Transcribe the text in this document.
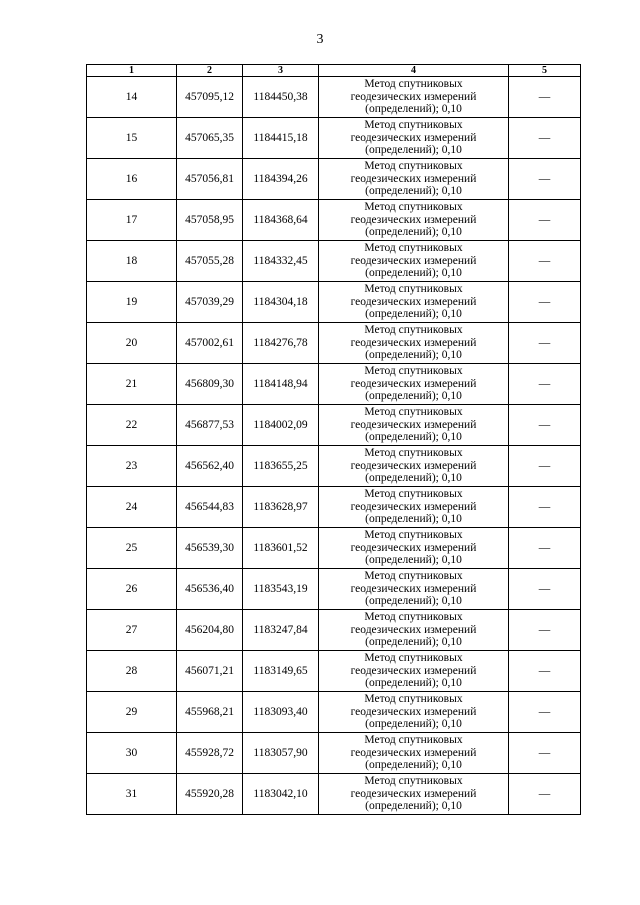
3
1	2	3	4	5
14	457095,12	1184450,38	Метод спутниковых
геодезических измерений
(определений); 0,10	—
15	457065,35	1184415,18	Метод спутниковых
геодезических измерений
(определений); 0,10	—
16	457056,81	1184394,26	Метод спутниковых
геодезических измерений
(определений); 0,10	—
17	457058,95	1184368,64	Метод спутниковых
геодезических измерений
(определений); 0,10	—
18	457055,28	1184332,45	Метод спутниковых
геодезических измерений
(определений); 0,10	—
19	457039,29	1184304,18	Метод спутниковых
геодезических измерений
(определений); 0,10	—
20	457002,61	1184276,78	Метод спутниковых
геодезических измерений
(определений); 0,10	—
21	456809,30	1184148,94	Метод спутниковых
геодезических измерений
(определений); 0,10	—
22	456877,53	1184002,09	Метод спутниковых
геодезических измерений
(определений); 0,10	—
23	456562,40	1183655,25	Метод спутниковых
геодезических измерений
(определений); 0,10	—
24	456544,83	1183628,97	Метод спутниковых
геодезических измерений
(определений); 0,10	—
25	456539,30	1183601,52	Метод спутниковых
геодезических измерений
(определений); 0,10	—
26	456536,40	1183543,19	Метод спутниковых
геодезических измерений
(определений); 0,10	—
27	456204,80	1183247,84	Метод спутниковых
геодезических измерений
(определений); 0,10	—
28	456071,21	1183149,65	Метод спутниковых
геодезических измерений
(определений); 0,10	—
29	455968,21	1183093,40	Метод спутниковых
геодезических измерений
(определений); 0,10	—
30	455928,72	1183057,90	Метод спутниковых
геодезических измерений
(определений); 0,10	—
31	455920,28	1183042,10	Метод спутниковых
геодезических измерений
(определений); 0,10	—
